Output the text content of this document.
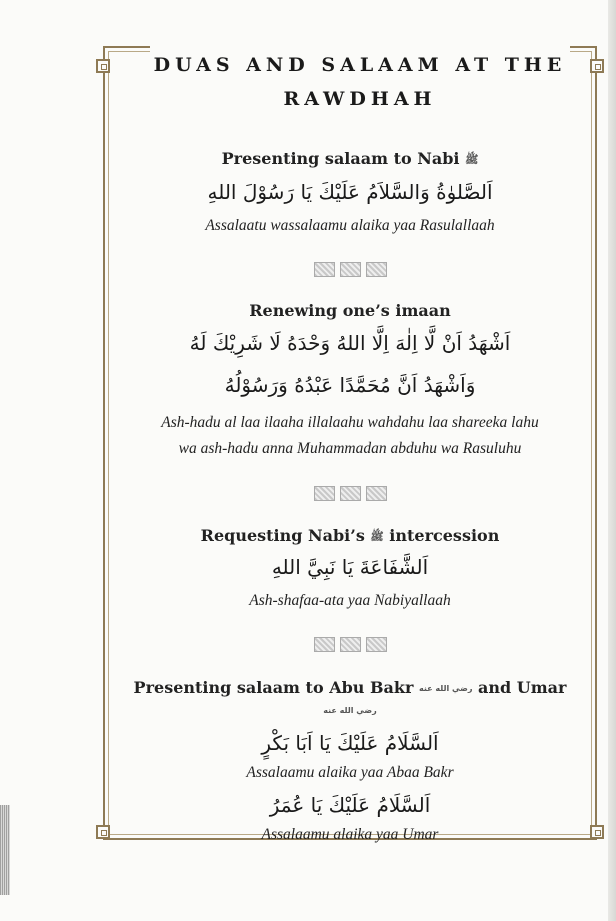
DUAS AND SALAAM AT THE RAWDHAH
Presenting salaam to Nabi ﷺ

اَلصَّلوٰةُ وَالسَّلاَمُ عَلَيْكَ يَا رَسُوْلَ اللهِ

Assalaatu wassalaamu alaika yaa Rasulallaah

Renewing one’s imaan

اَشْهَدُ اَنْ لَّا اِلٰهَ اِلَّا اللهُ وَحْدَهُ لَا شَرِيْكَ لَهُ

وَاَشْهَدُ اَنَّ مُحَمَّدًا عَبْدُهُ وَرَسُوْلُهُ

Ash-hadu al laa ilaaha illalaahu wahdahu laa shareeka lahu

wa ash-hadu anna Muhammadan abduhu wa Rasuluhu

Requesting Nabi’s ﷺ intercession

اَلشَّفَاعَةَ يَا نَبِيَّ اللهِ

Ash-shafaa-ata yaa Nabiyallaah

Presenting salaam to Abu Bakr رضي الله عنه and Umar رضي الله عنه

اَلسَّلَامُ عَلَيْكَ يَا اَبَا بَكْرٍ

Assalaamu alaika yaa Abaa Bakr

اَلسَّلَامُ عَلَيْكَ يَا عُمَرُ

Assalaamu alaika yaa Umar
